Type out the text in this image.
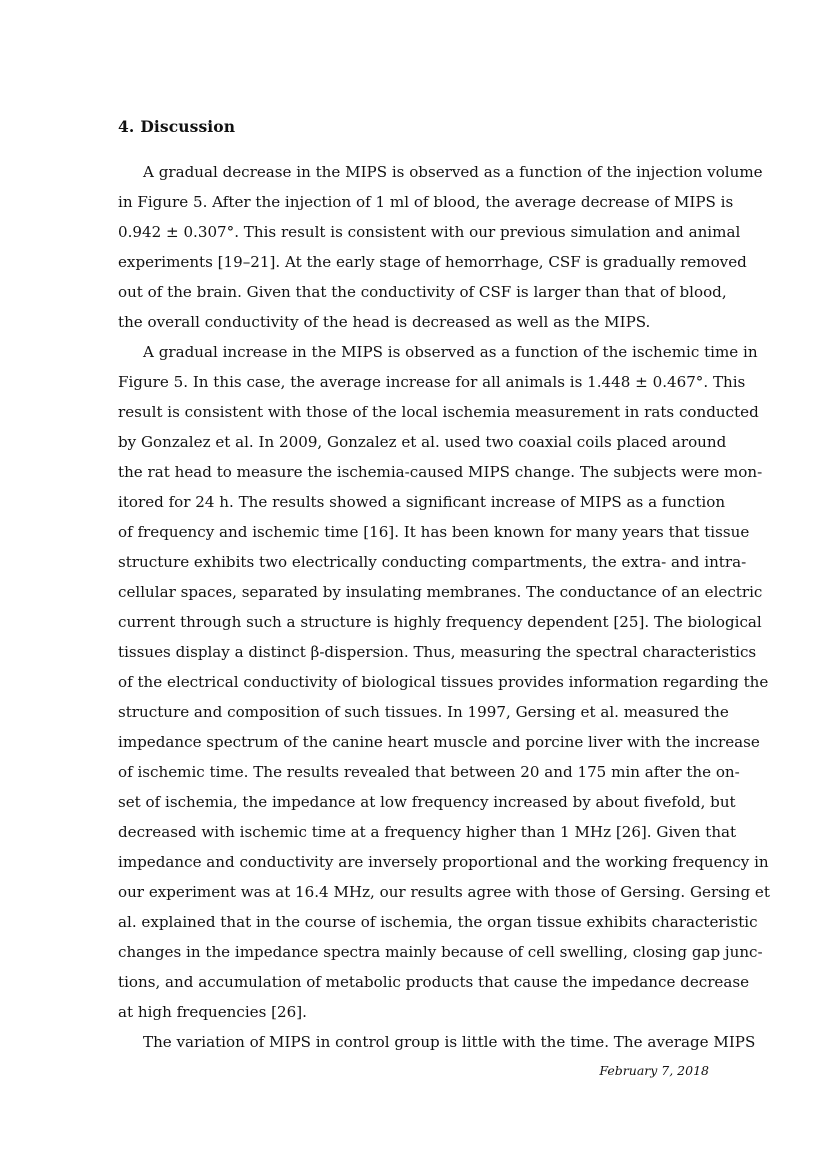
4. Discussion
A gradual decrease in the MIPS is observed as a function of the injection volume
in Figure 5. After the injection of 1 ml of blood, the average decrease of MIPS is
0.942 ± 0.307°. This result is consistent with our previous simulation and animal
experiments [19–21]. At the early stage of hemorrhage, CSF is gradually removed
out of the brain. Given that the conductivity of CSF is larger than that of blood,
the overall conductivity of the head is decreased as well as the MIPS.
A gradual increase in the MIPS is observed as a function of the ischemic time in
Figure 5. In this case, the average increase for all animals is 1.448 ± 0.467°. This
result is consistent with those of the local ischemia measurement in rats conducted
by Gonzalez et al. In 2009, Gonzalez et al. used two coaxial coils placed around
the rat head to measure the ischemia-caused MIPS change. The subjects were mon-
itored for 24 h. The results showed a significant increase of MIPS as a function
of frequency and ischemic time [16]. It has been known for many years that tissue
structure exhibits two electrically conducting compartments, the extra- and intra-
cellular spaces, separated by insulating membranes. The conductance of an electric
current through such a structure is highly frequency dependent [25]. The biological
tissues display a distinct β-dispersion. Thus, measuring the spectral characteristics
of the electrical conductivity of biological tissues provides information regarding the
structure and composition of such tissues. In 1997, Gersing et al. measured the
impedance spectrum of the canine heart muscle and porcine liver with the increase
of ischemic time. The results revealed that between 20 and 175 min after the on-
set of ischemia, the impedance at low frequency increased by about fivefold, but
decreased with ischemic time at a frequency higher than 1 MHz [26]. Given that
impedance and conductivity are inversely proportional and the working frequency in
our experiment was at 16.4 MHz, our results agree with those of Gersing. Gersing et
al. explained that in the course of ischemia, the organ tissue exhibits characteristic
changes in the impedance spectra mainly because of cell swelling, closing gap junc-
tions, and accumulation of metabolic products that cause the impedance decrease
at high frequencies [26].
The variation of MIPS in control group is little with the time. The average MIPS
February 7, 2018
